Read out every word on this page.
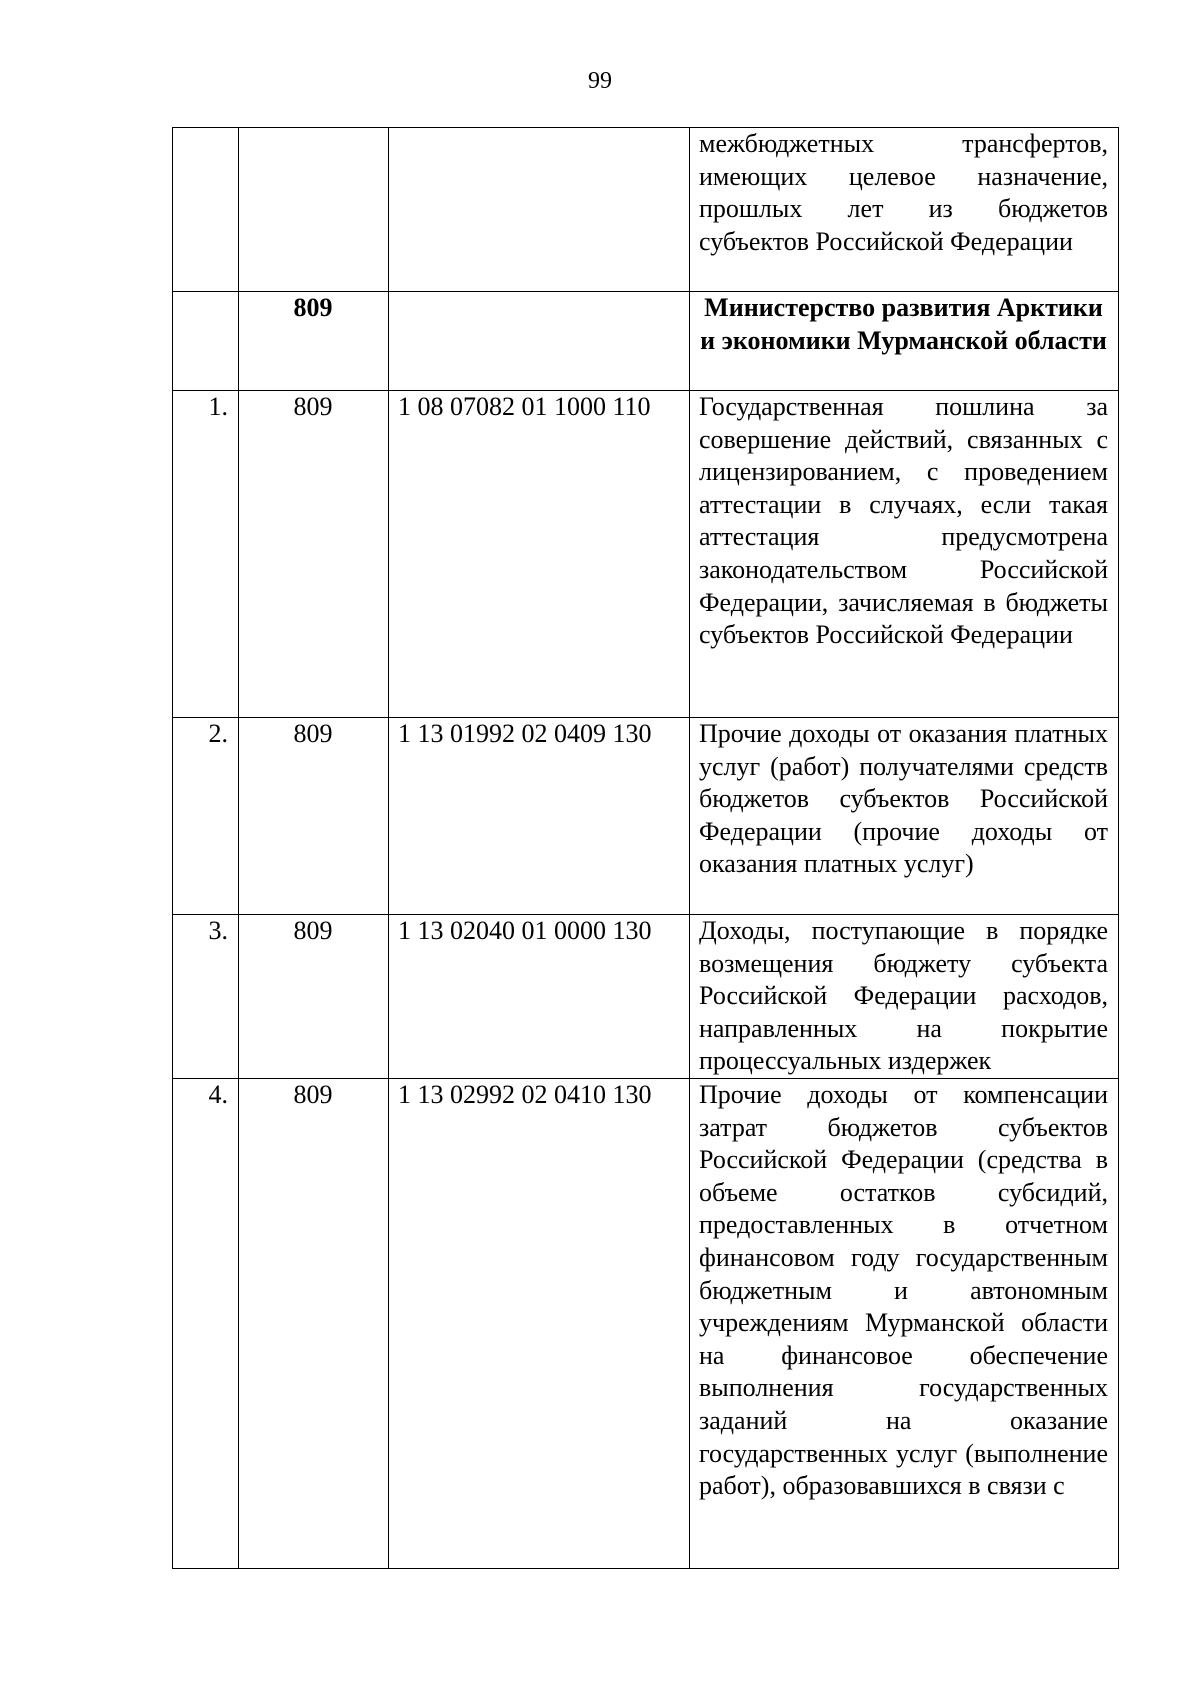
99
			межбюджетных трансфертов, имеющих целевое назначение, прошлых лет из бюджетов субъектов Российской Федерации
	809		Министерство развития Арктики и экономики Мурманской области
1.	809	1 08 07082 01 1000 110	Государственная пошлина за совершение действий, связанных с лицензированием, с проведением аттестации в случаях, если такая аттестация предусмотрена законодательством Российской Федерации, зачисляемая в бюджеты субъектов Российской Федерации
2.	809	1 13 01992 02 0409 130	Прочие доходы от оказания платных услуг (работ) получателями средств бюджетов субъектов Российской Федерации (прочие доходы от оказания платных услуг)
3.	809	1 13 02040 01 0000 130	Доходы, поступающие в порядке возмещения бюджету субъекта Российской Федерации расходов, направленных на покрытие процессуальных издержек
4.	809	1 13 02992 02 0410 130	Прочие доходы от компенсации затрат бюджетов субъектов Российской Федерации (средства в объеме остатков субсидий, предоставленных в отчетном финансовом году государственным бюджетным и автономным учреждениям Мурманской области на финансовое обеспечение выполнения государственных заданий на оказание государственных услуг (выполнение работ), образовавшихся в связи с
